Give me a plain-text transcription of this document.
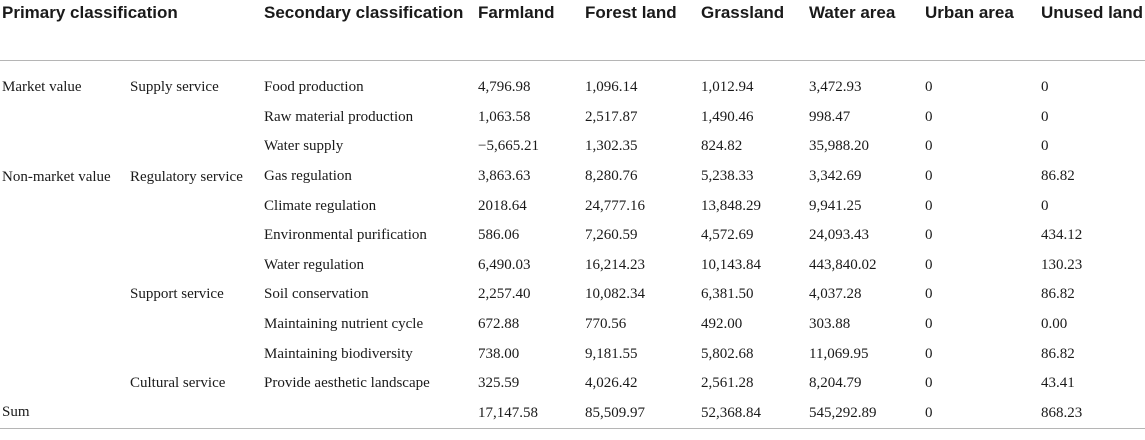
Primary classification		Secondary classification	Farmland	Forest land	Grassland	Water area	Urban area	Unused land
Market value	Supply service	Food production	4,796.98	1,096.14	1,012.94	3,472.93	0	0
		Raw material production	1,063.58	2,517.87	1,490.46	998.47	0	0
		Water supply	−5,665.21	1,302.35	824.82	35,988.20	0	0
Non-market value	Regulatory service	Gas regulation	3,863.63	8,280.76	5,238.33	3,342.69	0	86.82
		Climate regulation	2018.64	24,777.16	13,848.29	9,941.25	0	0
		Environmental purification	586.06	7,260.59	4,572.69	24,093.43	0	434.12
		Water regulation	6,490.03	16,214.23	10,143.84	443,840.02	0	130.23
	Support service	Soil conservation	2,257.40	10,082.34	6,381.50	4,037.28	0	86.82
		Maintaining nutrient cycle	672.88	770.56	492.00	303.88	0	0.00
		Maintaining biodiversity	738.00	9,181.55	5,802.68	11,069.95	0	86.82
	Cultural service	Provide aesthetic landscape	325.59	4,026.42	2,561.28	8,204.79	0	43.41
Sum			17,147.58	85,509.97	52,368.84	545,292.89	0	868.23
